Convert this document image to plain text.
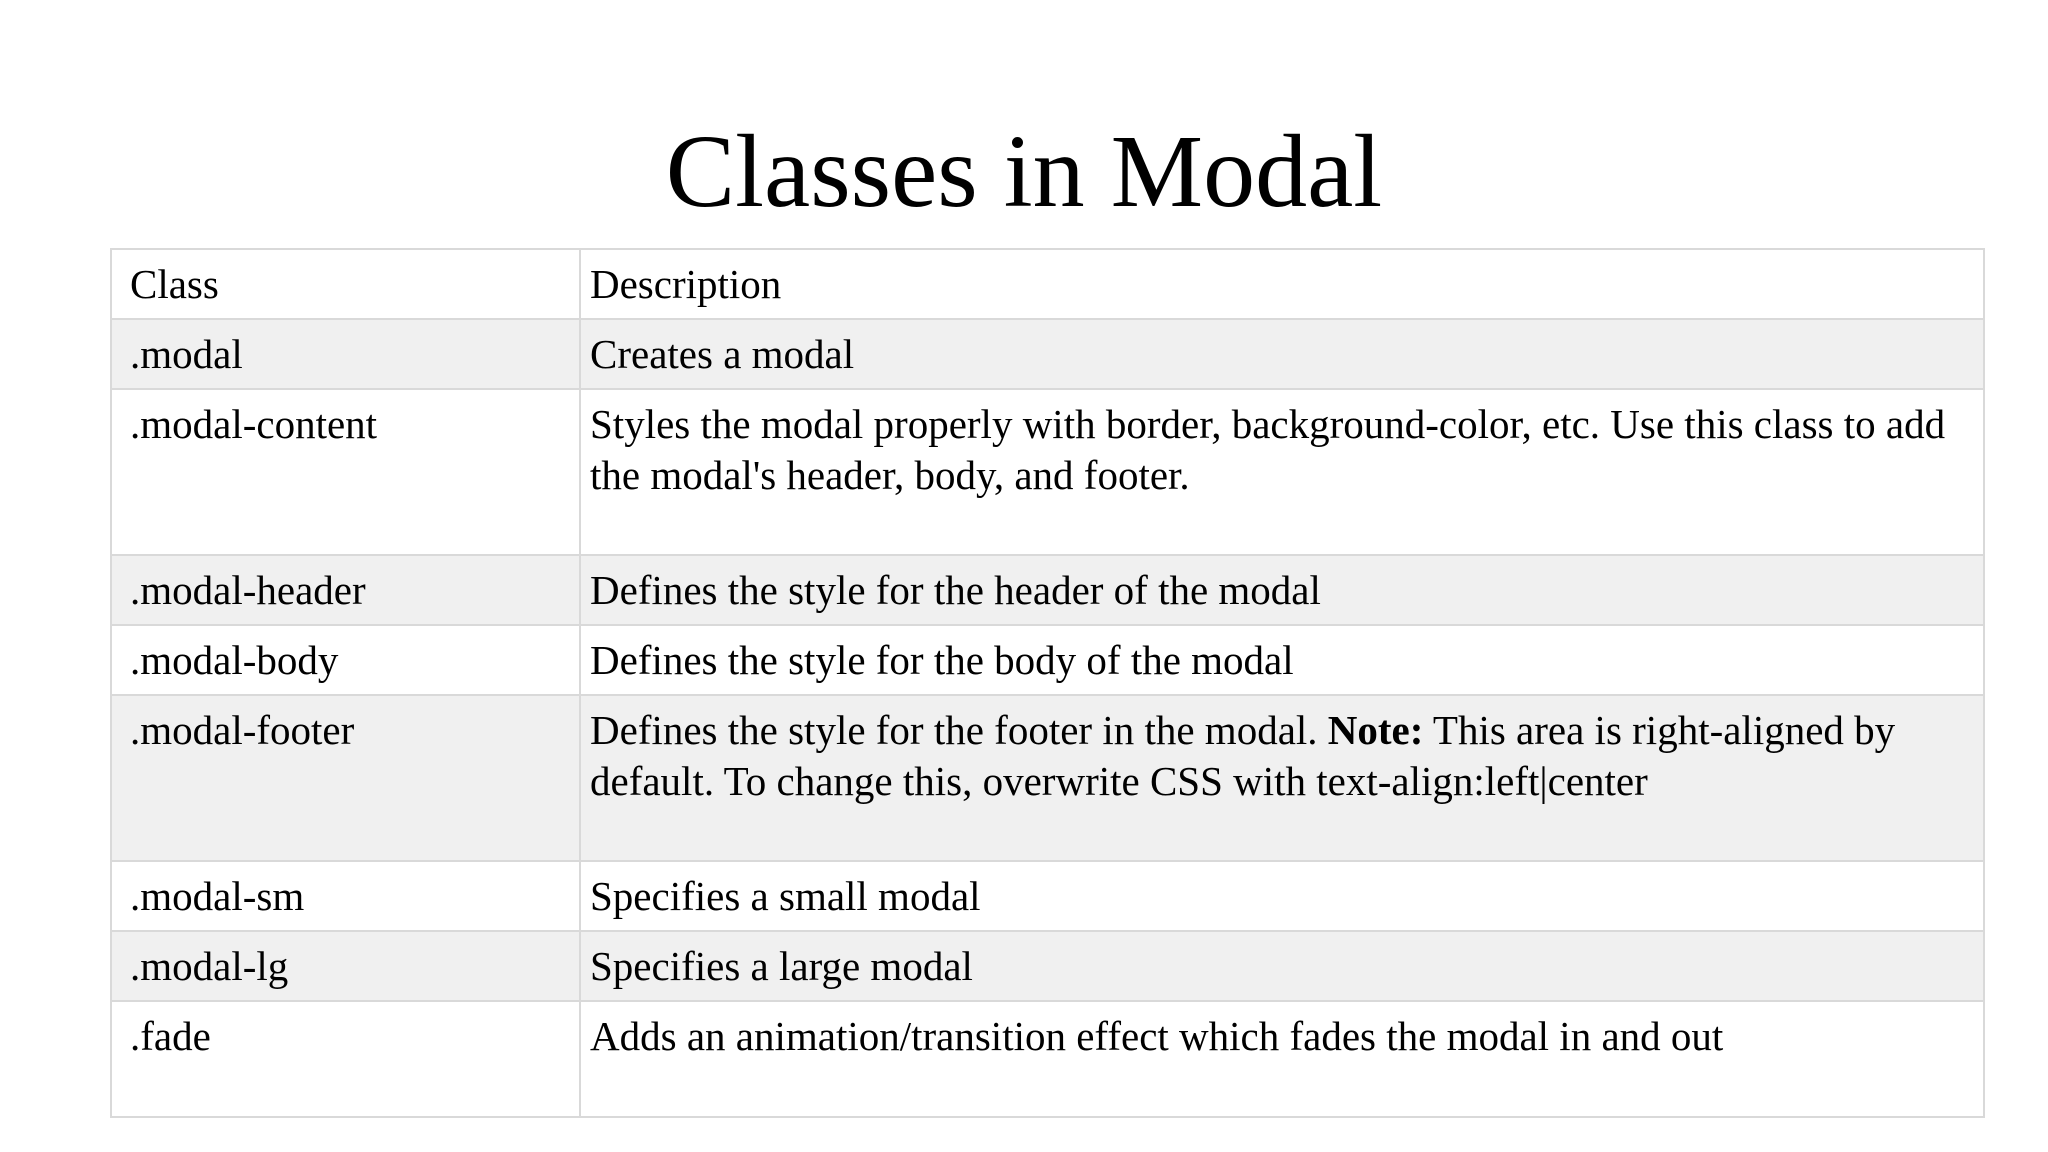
Classes in Modal
Class	Description
.modal	Creates a modal
.modal-content	Styles the modal properly with border, background-color, etc. Use this class to add the modal's header, body, and footer.
.modal-header	Defines the style for the header of the modal
.modal-body	Defines the style for the body of the modal
.modal-footer	Defines the style for the footer in the modal. Note: This area is right-aligned by default. To change this, overwrite CSS with text-align:left|center
.modal-sm	Specifies a small modal
.modal-lg	Specifies a large modal
.fade	Adds an animation/transition effect which fades the modal in and out
